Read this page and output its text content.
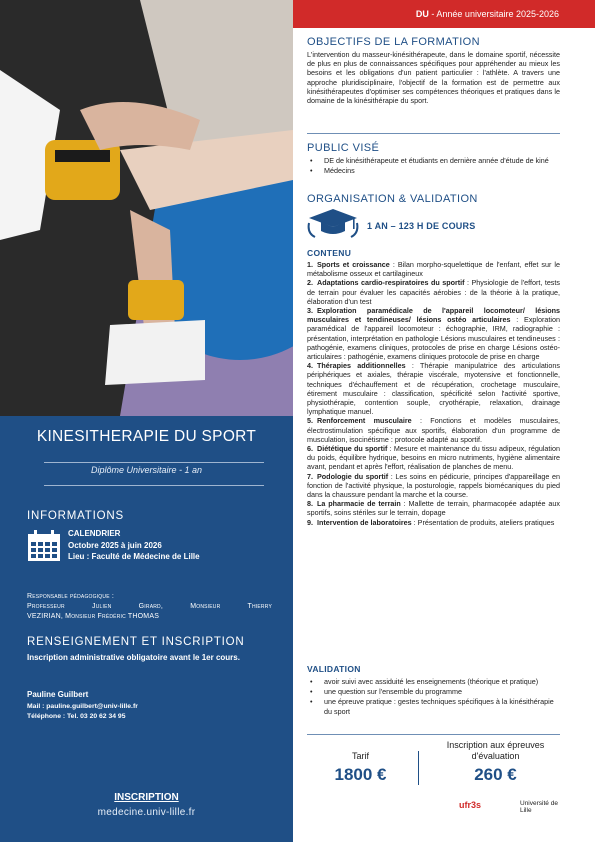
KINESITHERAPIE DU SPORT
Diplôme Universitaire - 1 an
INFORMATIONS
CALENDRIER
Octobre 2025 à juin 2026
Lieu : Faculté de Médecine de Lille
Responsable pédagogique :
Professeur Julien Girard, Monsieur Thierry
VEZIRIAN, Monsieur Frédéric THOMAS
RENSEIGNEMENT ET INSCRIPTION
Inscription administrative obligatoire avant le 1er cours.
Pauline Guilbert
Mail : pauline.guilbert@univ-lille.fr
Téléphone : Tel. 03 20 62 34 95
INSCRIPTION
medecine.univ-lille.fr
DU - Année universitaire 2025-2026
OBJECTIFS DE LA FORMATION
L'intervention du masseur-kinésithérapeute, dans le domaine sportif, nécessite de plus en plus de connaissances spécifiques pour appréhender au mieux les besoins et les obligations d'un patient particulier : l'athlète. A travers une approche pluridisciplinaire, l'objectif de la formation est de permettre aux kinésithérapeutes d'optimiser ses compétences théoriques et pratiques dans le domaine de la kinésithérapie du sport.
PUBLIC VISÉ
• DE de kinésithérapeute et étudiants en dernière année d'étude de kiné
• Médecins
ORGANISATION & VALIDATION
1 AN – 123 H DE COURS
CONTENU
1. Sports et croissance : Bilan morpho-squelettique de l'enfant, effet sur le métabolisme osseux et cartilagineux
2. Adaptations cardio-respiratoires du sportif : Physiologie de l'effort, tests de terrain pour évaluer les capacités aérobies : de la théorie à la pratique, élaboration d'un test
3. Exploration paramédicale de l'appareil locomoteur/ lésions musculaires et tendineuses/ lésions ostéo articulaires : Exploration paramédical de l'appareil locomoteur : échographie, IRM, radiographie : présentation, interprétation en pathologie Lésions musculaires et tendineuses : pathogénie, examens cliniques, protocoles de prise en charge Lésions ostéo-articulaires : pathogénie, examens cliniques protocole de prise en charge
4. Thérapies additionnelles : Thérapie manipulatrice des articulations périphériques et axiales, thérapie viscérale, myotensive et fonctionnelle, techniques d'échauffement et de récupération, crochetage musculaire, étirement musculaire : classification, spécificité selon l'activité sportive, physiothérapie, contention souple, cryothérapie, relaxation, drainage lymphatique manuel.
5. Renforcement musculaire : Fonctions et modèles musculaires, électrostimulation spécifique aux sportifs, élaboration d'un programme de musculation, isocinétisme : protocole adapté au sportif.
6. Diététique du sportif : Mesure et maintenance du tissu adipeux, régulation du poids, équilibre hydrique, besoins en micro nutriments, hygiène alimentaire avant, pendant et après l'effort, réalisation de planches de menu.
7. Podologie du sportif : Les soins en pédicurie, principes d'appareillage en fonction de l'activité physique, la posturologie, rappels biomécaniques du pied dans la chaussure pendant la marche et la course.
8. La pharmacie de terrain : Mallette de terrain, pharmacopée adaptée aux sportifs, soins stériles sur le terrain, dopage
9. Intervention de laboratoires : Présentation de produits, ateliers pratiques
VALIDATION
• avoir suivi avec assiduité les enseignements (théorique et pratique)
• une question sur l'ensemble du programme
• une épreuve pratique : gestes techniques spécifiques à la kinésithérapie du sport
Tarif
1800 €
Inscription aux épreuves d'évaluation
260 €
ufr3s	Université de Lille
